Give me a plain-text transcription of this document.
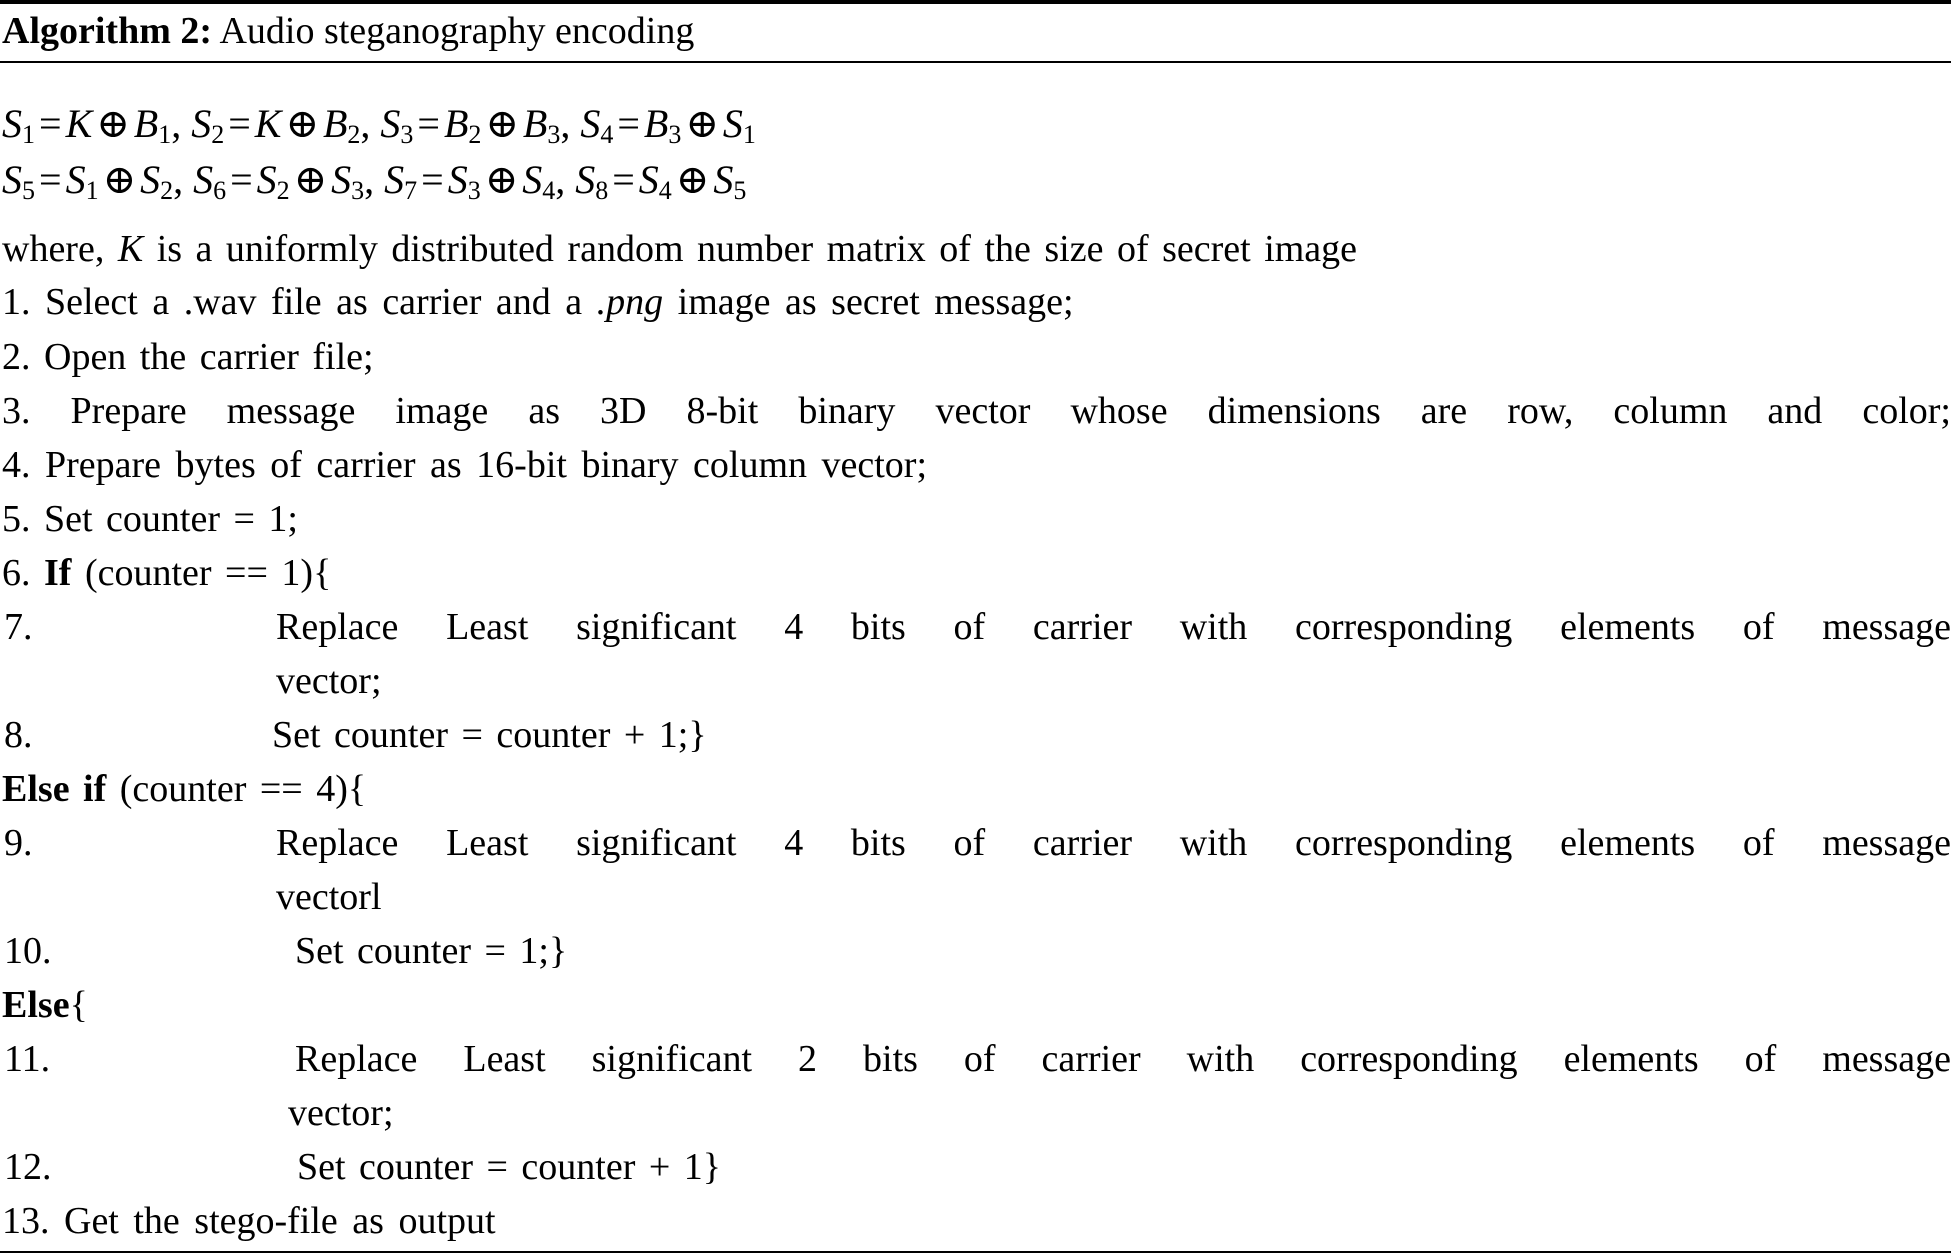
Algorithm 2: Audio steganography encoding
$S_1 = K$ ⊕ $B_1$, $S_2 = K$ ⊕ $B_2$, $S_3 = B_2$ ⊕ $B_3$, $S_4 = B_3$ ⊕ $S_1$
$S_5 = S_1$ ⊕ $S_2$, $S_6 = S_2$ ⊕ $S_3$, $S_7 = S_3$ ⊕ $S_4$, $S_8 = S_4$ ⊕ $S_5$
where, K is a uniformly distributed random number matrix of the size of secret image
1. Select a .wav file as carrier and a .png image as secret message;
2. Open the carrier file;
3. Prepare message image as 3D 8-bit binary vector whose dimensions are row, column and color;
4. Prepare bytes of carrier as 16-bit binary column vector;
5. Set counter = 1;
6. If (counter == 1){
7.	Replace Least significant 4 bits of carrier with corresponding elements of message
vector;
8.	Set counter = counter + 1;}
Else if (counter == 4){
9.	Replace Least significant 4 bits of carrier with corresponding elements of message
vectorl
10.	Set counter = 1;}
Else{
11.	Replace Least significant 2 bits of carrier with corresponding elements of message
vector;
12.	Set counter = counter + 1}
13. Get the stego-file as output
